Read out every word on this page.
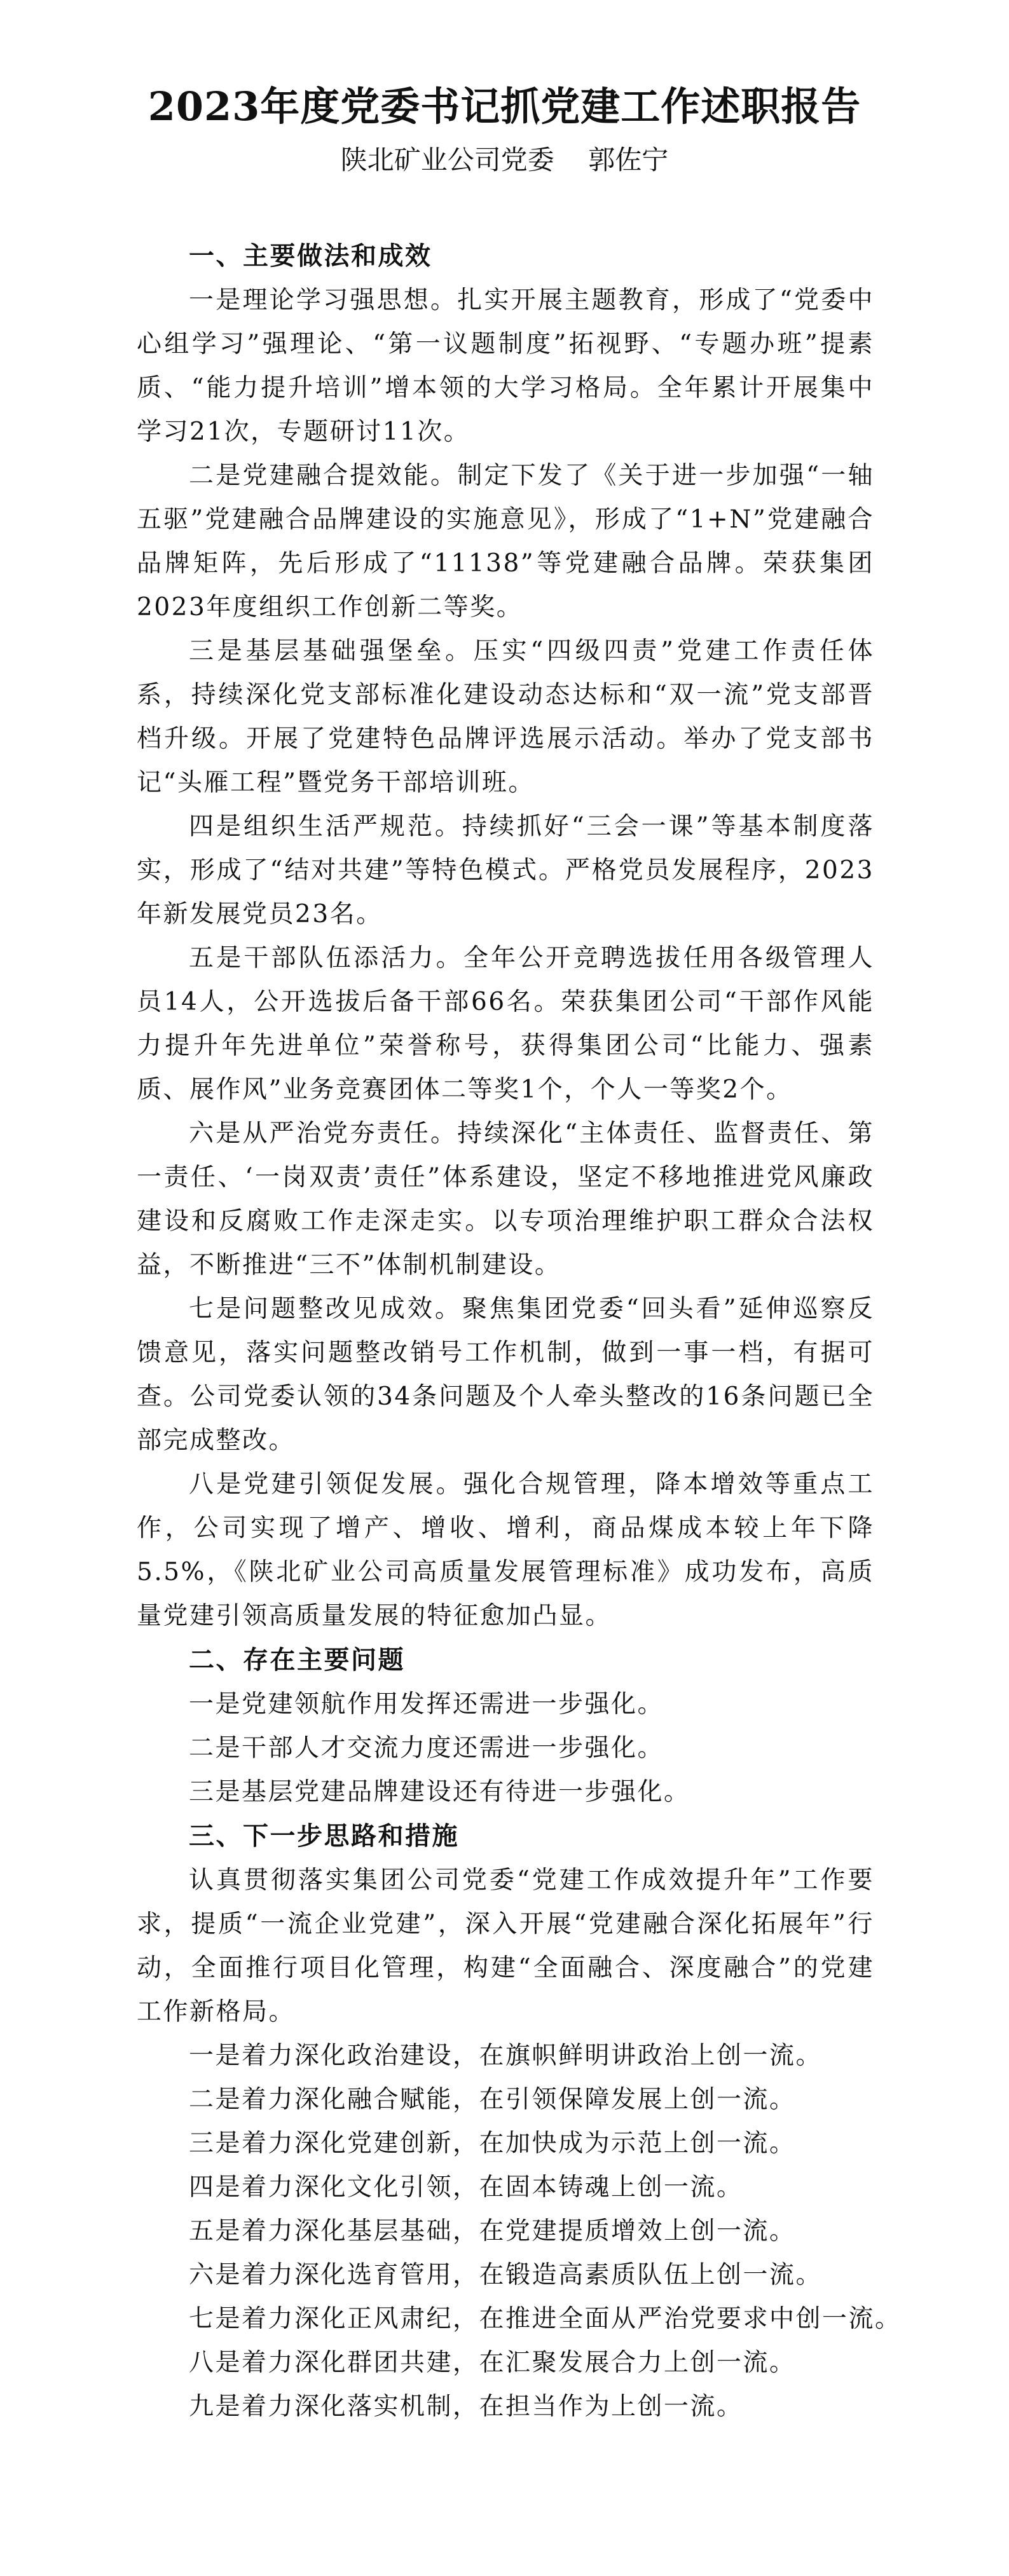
2023年度党委书记抓党建工作述职报告
陕北矿业公司党委    郭佐宁
一、主要做法和成效

一是理论学习强思想。扎实开展主题教育，形成了“党委中心组学习”强理论、“第一议题制度”拓视野、“专题办班”提素质、“能力提升培训”增本领的大学习格局。全年累计开展集中学习21次，专题研讨11次。

二是党建融合提效能。制定下发了《关于进一步加强“一轴五驱”党建融合品牌建设的实施意见》，形成了“1+N”党建融合品牌矩阵，先后形成了“11138”等党建融合品牌。荣获集团2023年度组织工作创新二等奖。

三是基层基础强堡垒。压实“四级四责”党建工作责任体系，持续深化党支部标准化建设动态达标和“双一流”党支部晋档升级。开展了党建特色品牌评选展示活动。举办了党支部书记“头雁工程”暨党务干部培训班。

四是组织生活严规范。持续抓好“三会一课”等基本制度落实，形成了“结对共建”等特色模式。严格党员发展程序，2023年新发展党员23名。

五是干部队伍添活力。全年公开竞聘选拔任用各级管理人员14人，公开选拔后备干部66名。荣获集团公司“干部作风能力提升年先进单位”荣誉称号，获得集团公司“比能力、强素质、展作风”业务竞赛团体二等奖1个，个人一等奖2个。

六是从严治党夯责任。持续深化“主体责任、监督责任、第一责任、‘一岗双责’责任”体系建设，坚定不移地推进党风廉政建设和反腐败工作走深走实。以专项治理维护职工群众合法权益，不断推进“三不”体制机制建设。

七是问题整改见成效。聚焦集团党委“回头看”延伸巡察反馈意见，落实问题整改销号工作机制，做到一事一档，有据可查。公司党委认领的34条问题及个人牵头整改的16条问题已全部完成整改。

八是党建引领促发展。强化合规管理，降本增效等重点工作，公司实现了增产、增收、增利，商品煤成本较上年下降5.5%，《陕北矿业公司高质量发展管理标准》成功发布，高质量党建引领高质量发展的特征愈加凸显。

二、存在主要问题
一是党建领航作用发挥还需进一步强化。
二是干部人才交流力度还需进一步强化。
三是基层党建品牌建设还有待进一步强化。
三、下一步思路和措施

认真贯彻落实集团公司党委“党建工作成效提升年”工作要求，提质“一流企业党建”，深入开展“党建融合深化拓展年”行动，全面推行项目化管理，构建“全面融合、深度融合”的党建工作新格局。

一是着力深化政治建设，在旗帜鲜明讲政治上创一流。
二是着力深化融合赋能，在引领保障发展上创一流。
三是着力深化党建创新，在加快成为示范上创一流。
四是着力深化文化引领，在固本铸魂上创一流。
五是着力深化基层基础，在党建提质增效上创一流。
六是着力深化选育管用，在锻造高素质队伍上创一流。
七是着力深化正风肃纪，在推进全面从严治党要求中创一流。
八是着力深化群团共建，在汇聚发展合力上创一流。
九是着力深化落实机制，在担当作为上创一流。
